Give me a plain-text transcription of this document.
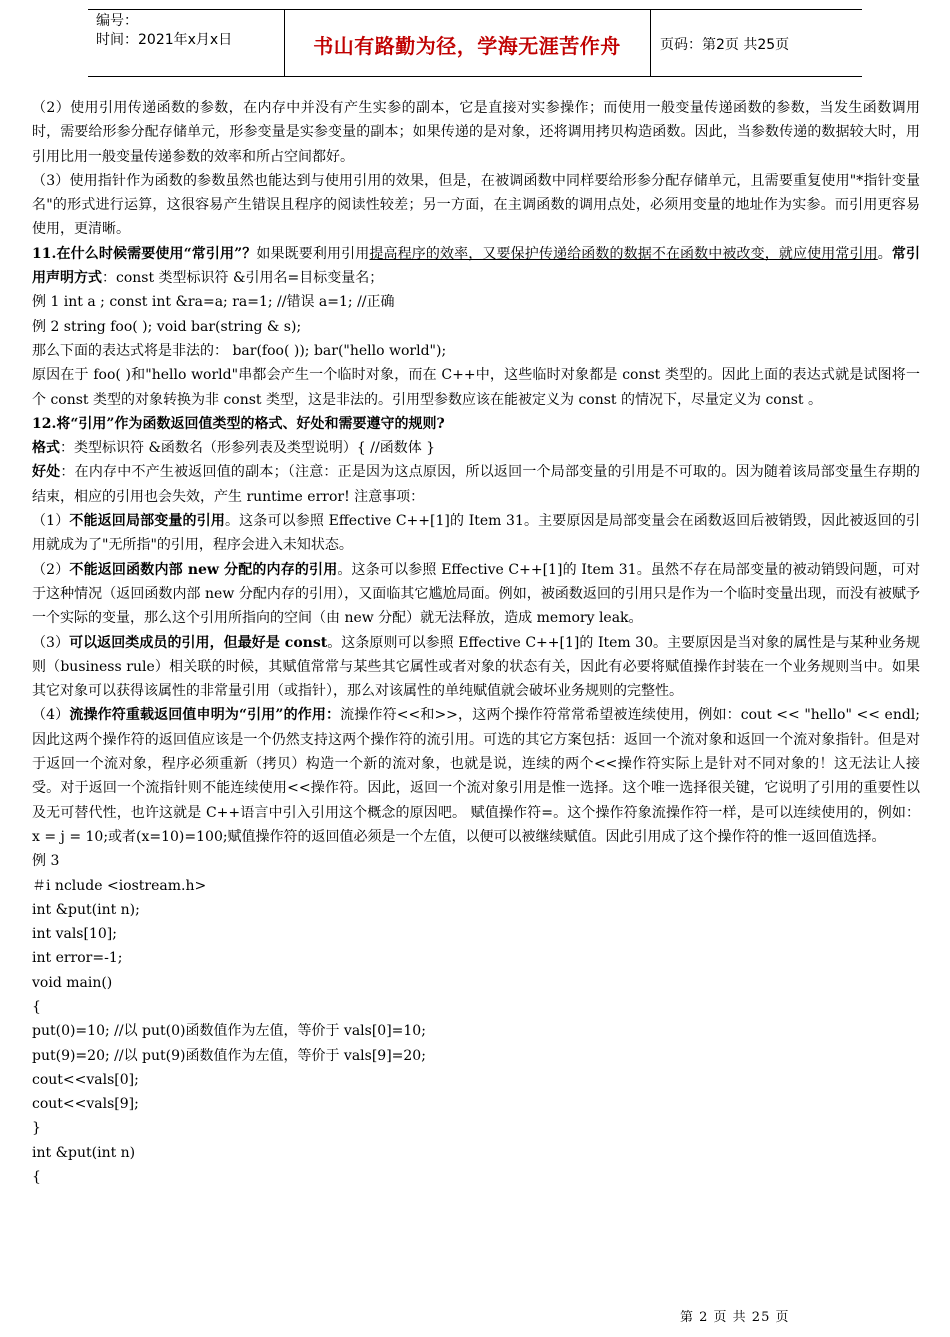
编号：
时间：2021年x月x日	书山有路勤为径，学海无涯苦作舟	页码：第2页 共25页

（2）使用引用传递函数的参数，在内存中并没有产生实参的副本，它是直接对实参操作；而使用一般变量传递函数的参数，当发生函数调用时，需要给形参分配存储单元，形参变量是实参变量的副本；如果传递的是对象，还将调用拷贝构造函数。因此，当参数传递的数据较大时，用引用比用一般变量传递参数的效率和所占空间都好。

（3）使用指针作为函数的参数虽然也能达到与使用引用的效果，但是，在被调函数中同样要给形参分配存储单元，且需要重复使用"*指针变量名"的形式进行运算，这很容易产生错误且程序的阅读性较差；另一方面，在主调函数的调用点处，必须用变量的地址作为实参。而引用更容易使用，更清晰。

11.在什么时候需要使用“常引用”？如果既要利用引用提高程序的效率，又要保护传递给函数的数据不在函数中被改变，就应使用常引用。常引用声明方式：const 类型标识符 &引用名=目标变量名；

例 1 int a ; const int &ra=a; ra=1; //错误 a=1; //正确

例 2 string foo( ); void bar(string & s);

那么下面的表达式将是非法的： bar(foo( )); bar("hello world");

原因在于 foo( )和"hello world"串都会产生一个临时对象，而在 C++中，这些临时对象都是 const 类型的。因此上面的表达式就是试图将一个 const 类型的对象转换为非 const 类型，这是非法的。引用型参数应该在能被定义为 const 的情况下，尽量定义为 const 。

12.将“引用”作为函数返回值类型的格式、好处和需要遵守的规则?

格式：类型标识符 &函数名（形参列表及类型说明）{ //函数体 }

好处：在内存中不产生被返回值的副本；（注意：正是因为这点原因，所以返回一个局部变量的引用是不可取的。因为随着该局部变量生存期的结束，相应的引用也会失效，产生 runtime error! 注意事项：

（1）不能返回局部变量的引用。这条可以参照 Effective C++[1]的 Item 31。主要原因是局部变量会在函数返回后被销毁，因此被返回的引用就成为了"无所指"的引用，程序会进入未知状态。

（2）不能返回函数内部 new 分配的内存的引用。这条可以参照 Effective C++[1]的 Item 31。虽然不存在局部变量的被动销毁问题，可对于这种情况（返回函数内部 new 分配内存的引用），又面临其它尴尬局面。例如，被函数返回的引用只是作为一个临时变量出现，而没有被赋予一个实际的变量，那么这个引用所指向的空间（由 new 分配）就无法释放，造成 memory leak。

（3）可以返回类成员的引用，但最好是 const。这条原则可以参照 Effective C++[1]的 Item 30。主要原因是当对象的属性是与某种业务规则（business rule）相关联的时候，其赋值常常与某些其它属性或者对象的状态有关，因此有必要将赋值操作封装在一个业务规则当中。如果其它对象可以获得该属性的非常量引用（或指针），那么对该属性的单纯赋值就会破坏业务规则的完整性。

（4）流操作符重载返回值申明为“引用”的作用：流操作符<<和>>，这两个操作符常常希望被连续使用，例如：cout << "hello" << endl; 因此这两个操作符的返回值应该是一个仍然支持这两个操作符的流引用。可选的其它方案包括：返回一个流对象和返回一个流对象指针。但是对于返回一个流对象，程序必须重新（拷贝）构造一个新的流对象，也就是说，连续的两个<<操作符实际上是针对不同对象的！这无法让人接受。对于返回一个流指针则不能连续使用<<操作符。因此，返回一个流对象引用是惟一选择。这个唯一选择很关键，它说明了引用的重要性以及无可替代性，也许这就是 C++语言中引入引用这个概念的原因吧。 赋值操作符=。这个操作符象流操作符一样，是可以连续使用的，例如： x = j = 10;或者(x=10)=100;赋值操作符的返回值必须是一个左值，以便可以被继续赋值。因此引用成了这个操作符的惟一返回值选择。

例 3

＃i nclude <iostream.h>

int &put(int n);

int vals[10];

int error=-1;

void main()

{

put(0)=10; //以 put(0)函数值作为左值，等价于 vals[0]=10;

put(9)=20; //以 put(9)函数值作为左值，等价于 vals[9]=20;

cout<<vals[0];

cout<<vals[9];

}

int &put(int n)

{

第 2 页 共 25 页
